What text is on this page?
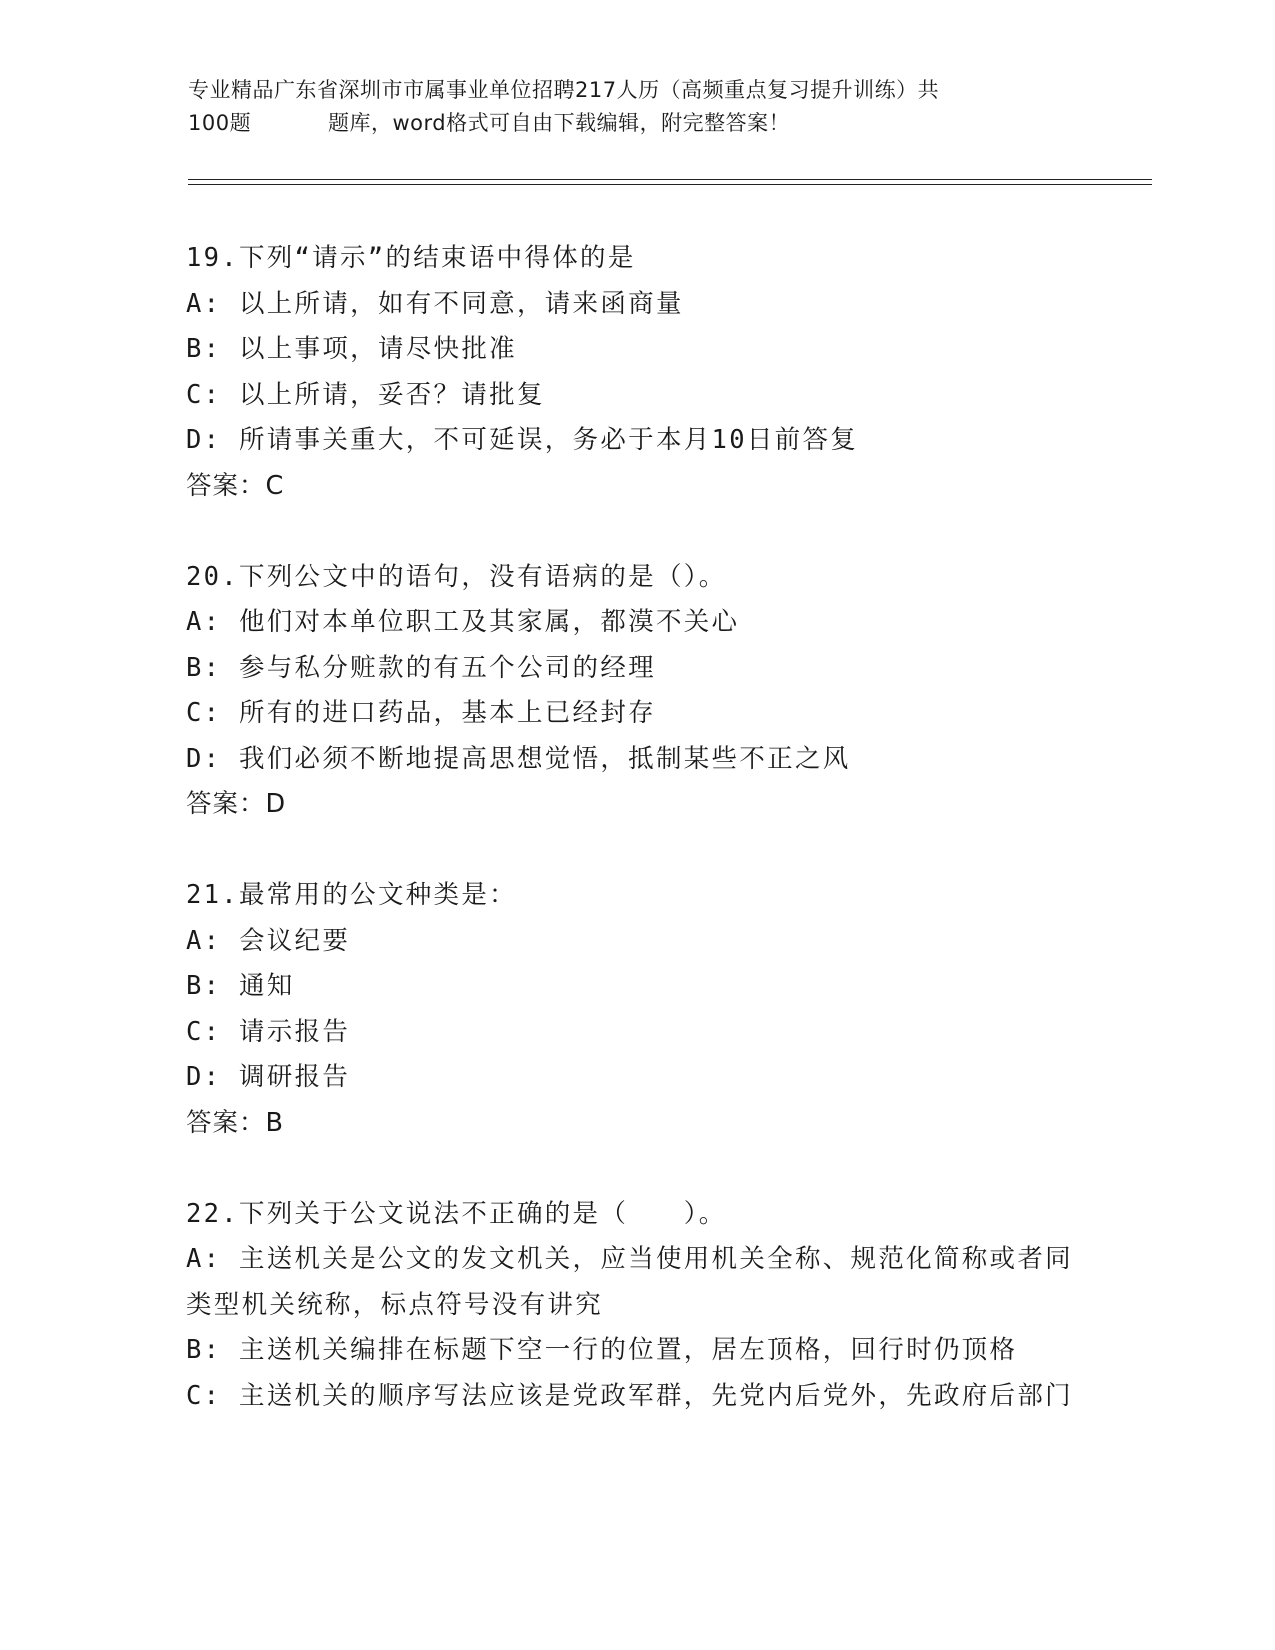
专业精品广东省深圳市市属事业单位招聘217人历（高频重点复习提升训练）共
100题	题库，word格式可自由下载编辑，附完整答案！

19.下列“请示”的结束语中得体的是

A: 以上所请，如有不同意，请来函商量

B: 以上事项，请尽快批准

C: 以上所请，妥否？请批复

D: 所请事关重大，不可延误，务必于本月10日前答复

答案：C

20.下列公文中的语句，没有语病的是（）。

A: 他们对本单位职工及其家属，都漠不关心

B: 参与私分赃款的有五个公司的经理

C: 所有的进口药品，基本上已经封存

D: 我们必须不断地提高思想觉悟，抵制某些不正之风

答案：D

21.最常用的公文种类是：

A: 会议纪要

B: 通知

C: 请示报告

D: 调研报告

答案：B

22.下列关于公文说法不正确的是（　　）。

A: 主送机关是公文的发文机关，应当使用机关全称、规范化简称或者同类型机关统称，标点符号没有讲究

B: 主送机关编排在标题下空一行的位置，居左顶格，回行时仍顶格

C: 主送机关的顺序写法应该是党政军群，先党内后党外，先政府后部门
